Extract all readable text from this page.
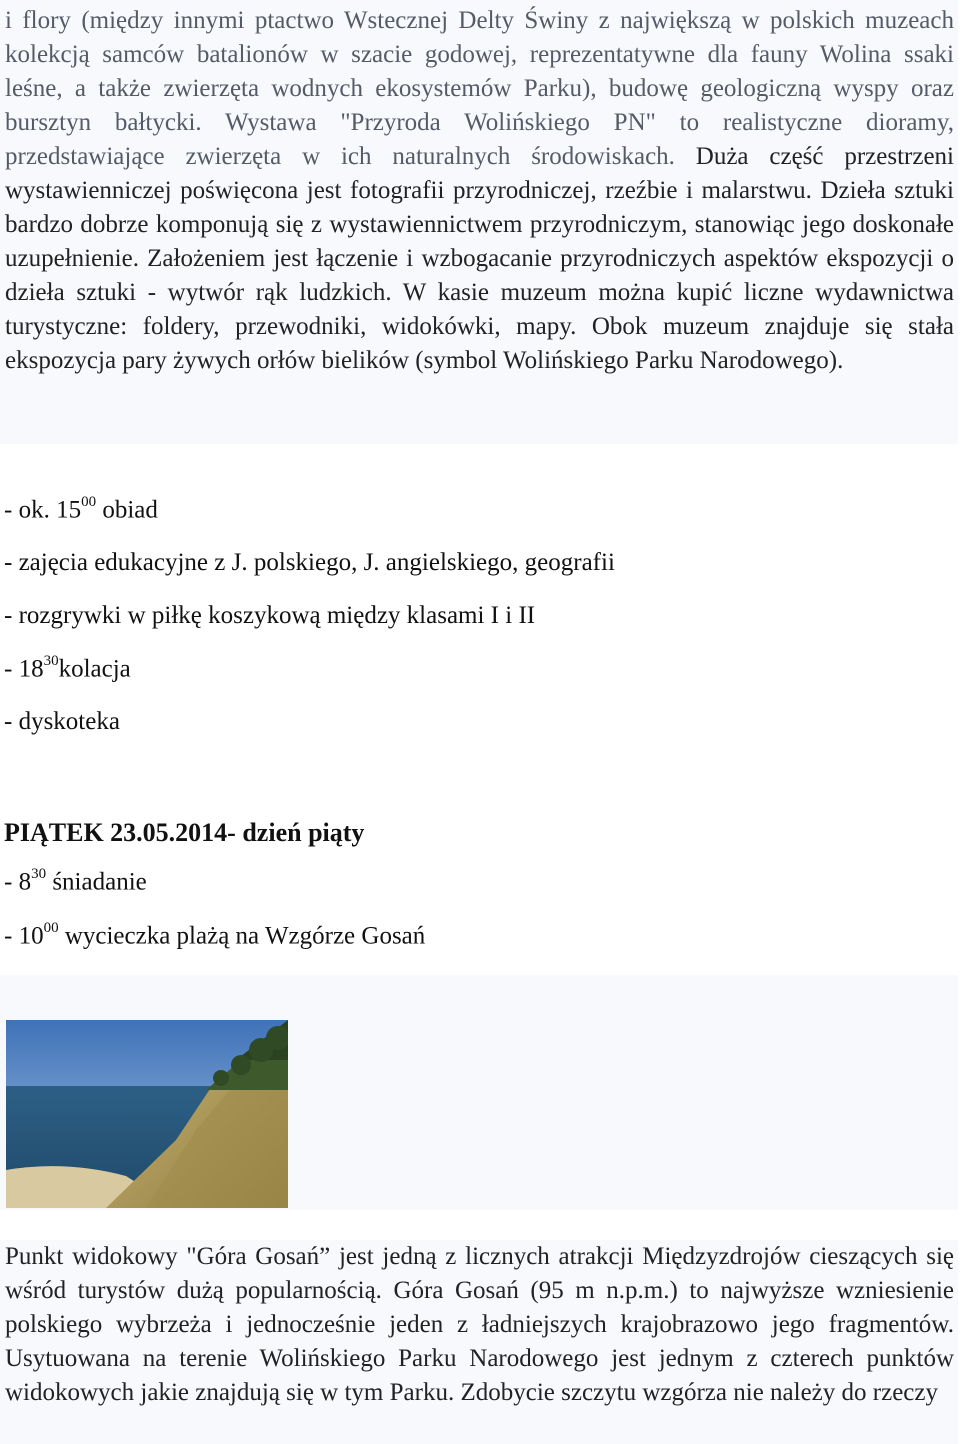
i flory (między innymi ptactwo Wstecznej Delty Świny z największą w polskich muzeach kolekcją samców batalionów w szacie godowej, reprezentatywne dla fauny Wolina ssaki leśne, a także zwierzęta wodnych ekosystemów Parku), budowę geologiczną wyspy oraz bursztyn bałtycki. Wystawa "Przyroda Wolińskiego PN" to realistyczne dioramy, przedstawiające zwierzęta w ich naturalnych środowiskach. Duża część przestrzeni wystawienniczej poświęcona jest fotografii przyrodniczej, rzeźbie i malarstwu. Dzieła sztuki bardzo dobrze komponują się z wystawiennictwem przyrodniczym, stanowiąc jego doskonałe uzupełnienie. Założeniem jest łączenie i wzbogacanie przyrodniczych aspektów ekspozycji o dzieła sztuki - wytwór rąk ludzkich. W kasie muzeum można kupić liczne wydawnictwa turystyczne: foldery, przewodniki, widokówki, mapy. Obok muzeum znajduje się stała ekspozycja pary żywych orłów bielików (symbol Wolińskiego Parku Narodowego).

- ok. $15^{00}$ obiad
- zajęcia edukacyjne z J. polskiego, J. angielskiego, geografii
- rozgrywki w piłkę koszykową między klasami I i II
- $18^{30}kolacja$
- dyskoteka
PIĄTEK 23.05.2014- dzień piąty
- $8^{30}$ śniadanie
- $10^{00}$ wycieczka plażą na Wzgórze Gosań

Punkt widokowy "Góra Gosań” jest jedną z licznych atrakcji Międzyzdrojów cieszących się wśród turystów dużą popularnością. Góra Gosań (95 m n.p.m.) to najwyższe wzniesienie polskiego wybrzeża i jednocześnie jeden z ładniejszych krajobrazowo jego fragmentów. Usytuowana na terenie Wolińskiego Parku Narodowego jest jednym z czterech punktów widokowych jakie znajdują się w tym Parku. Zdobycie szczytu wzgórza nie należy do rzeczy
